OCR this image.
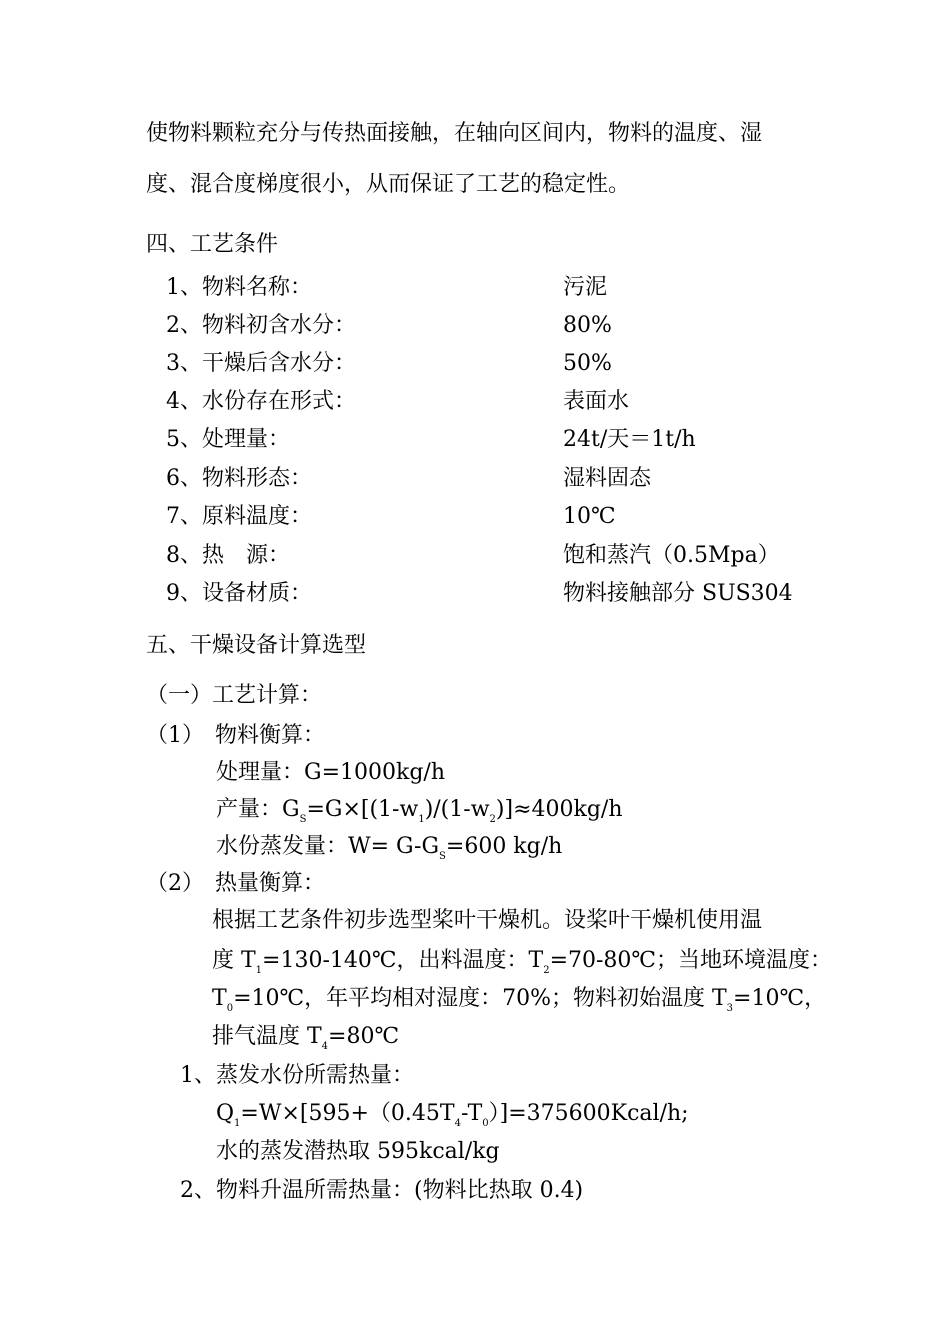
使物料颗粒充分与传热面接触，在轴向区间内，物料的温度、湿
度、混合度梯度很小，从而保证了工艺的稳定性。
四、工艺条件
1、物料名称：	污泥
2、物料初含水分：	80%
3、干燥后含水分：	50%
4、水份存在形式：	表面水
5、处理量：	24t/天＝1t/h
6、物料形态：	湿料固态
7、原料温度：	10℃
8、热　源：	饱和蒸汽（0.5Mpa）
9、设备材质：	物料接触部分 SUS304
五、干燥设备计算选型
（一）工艺计算：
（1）　物料衡算：
处理量：G=1000kg/h
产量：$G_S=G\times[(1-w_1)/(1-w_2)]\approx 400kg/h$
水份蒸发量：$W= G-G_S=600$ kg/h
（2）　热量衡算：
根据工艺条件初步选型桨叶干燥机。设桨叶干燥机使用温
度 $T_1=130-140℃$，出料温度：$T_2=70-80℃$；当地环境温度：
$T_0=10℃$，年平均相对湿度：70%；物料初始温度 $T_3=10℃$，
排气温度 $T_4=80℃$
1、蒸发水份所需热量：
$Q_1=W\times[595+(0.45T_4-T_0)]=375600Kcal/h$;
水的蒸发潜热取 595kcal/kg
2、物料升温所需热量：(物料比热取 0.4)
